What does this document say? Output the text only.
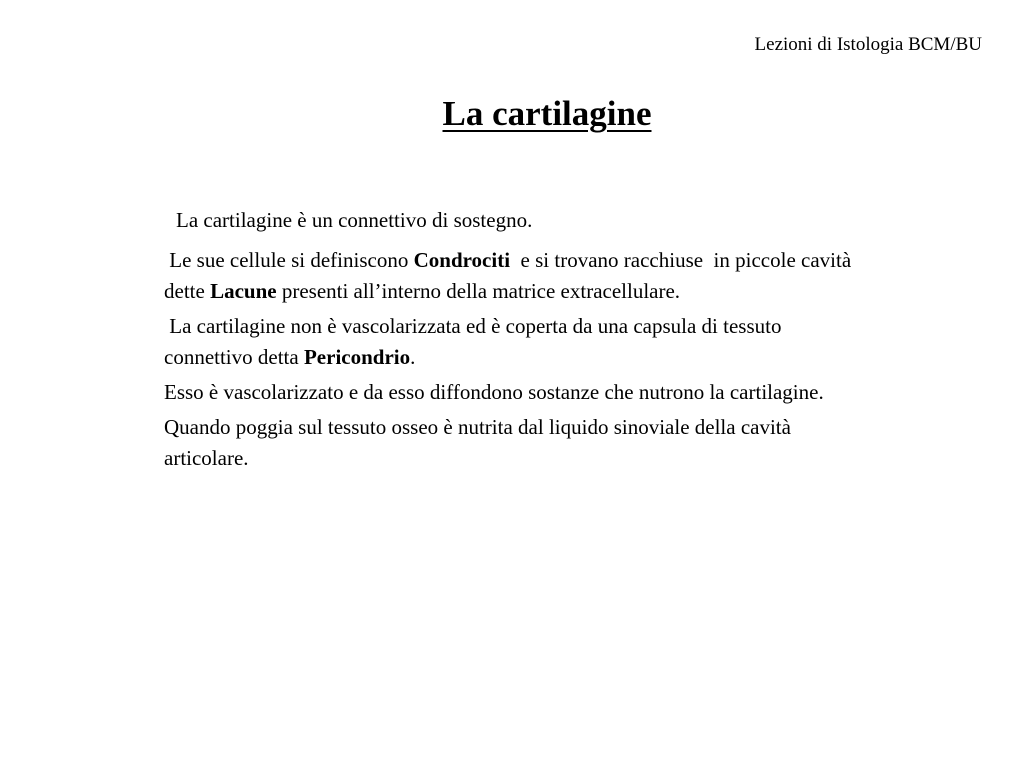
Lezioni di Istologia BCM/BU
La cartilagine

La cartilagine è un connettivo di sostegno.

Le sue cellule si definiscono Condrociti  e si trovano racchiuse  in piccole cavità dette Lacune presenti all’interno della matrice extracellulare.

La cartilagine non è vascolarizzata ed è coperta da una capsula di tessuto connettivo detta Pericondrio.

Esso è vascolarizzato e da esso diffondono sostanze che nutrono la cartilagine.

Quando poggia sul tessuto osseo è nutrita dal liquido sinoviale della cavità articolare.
